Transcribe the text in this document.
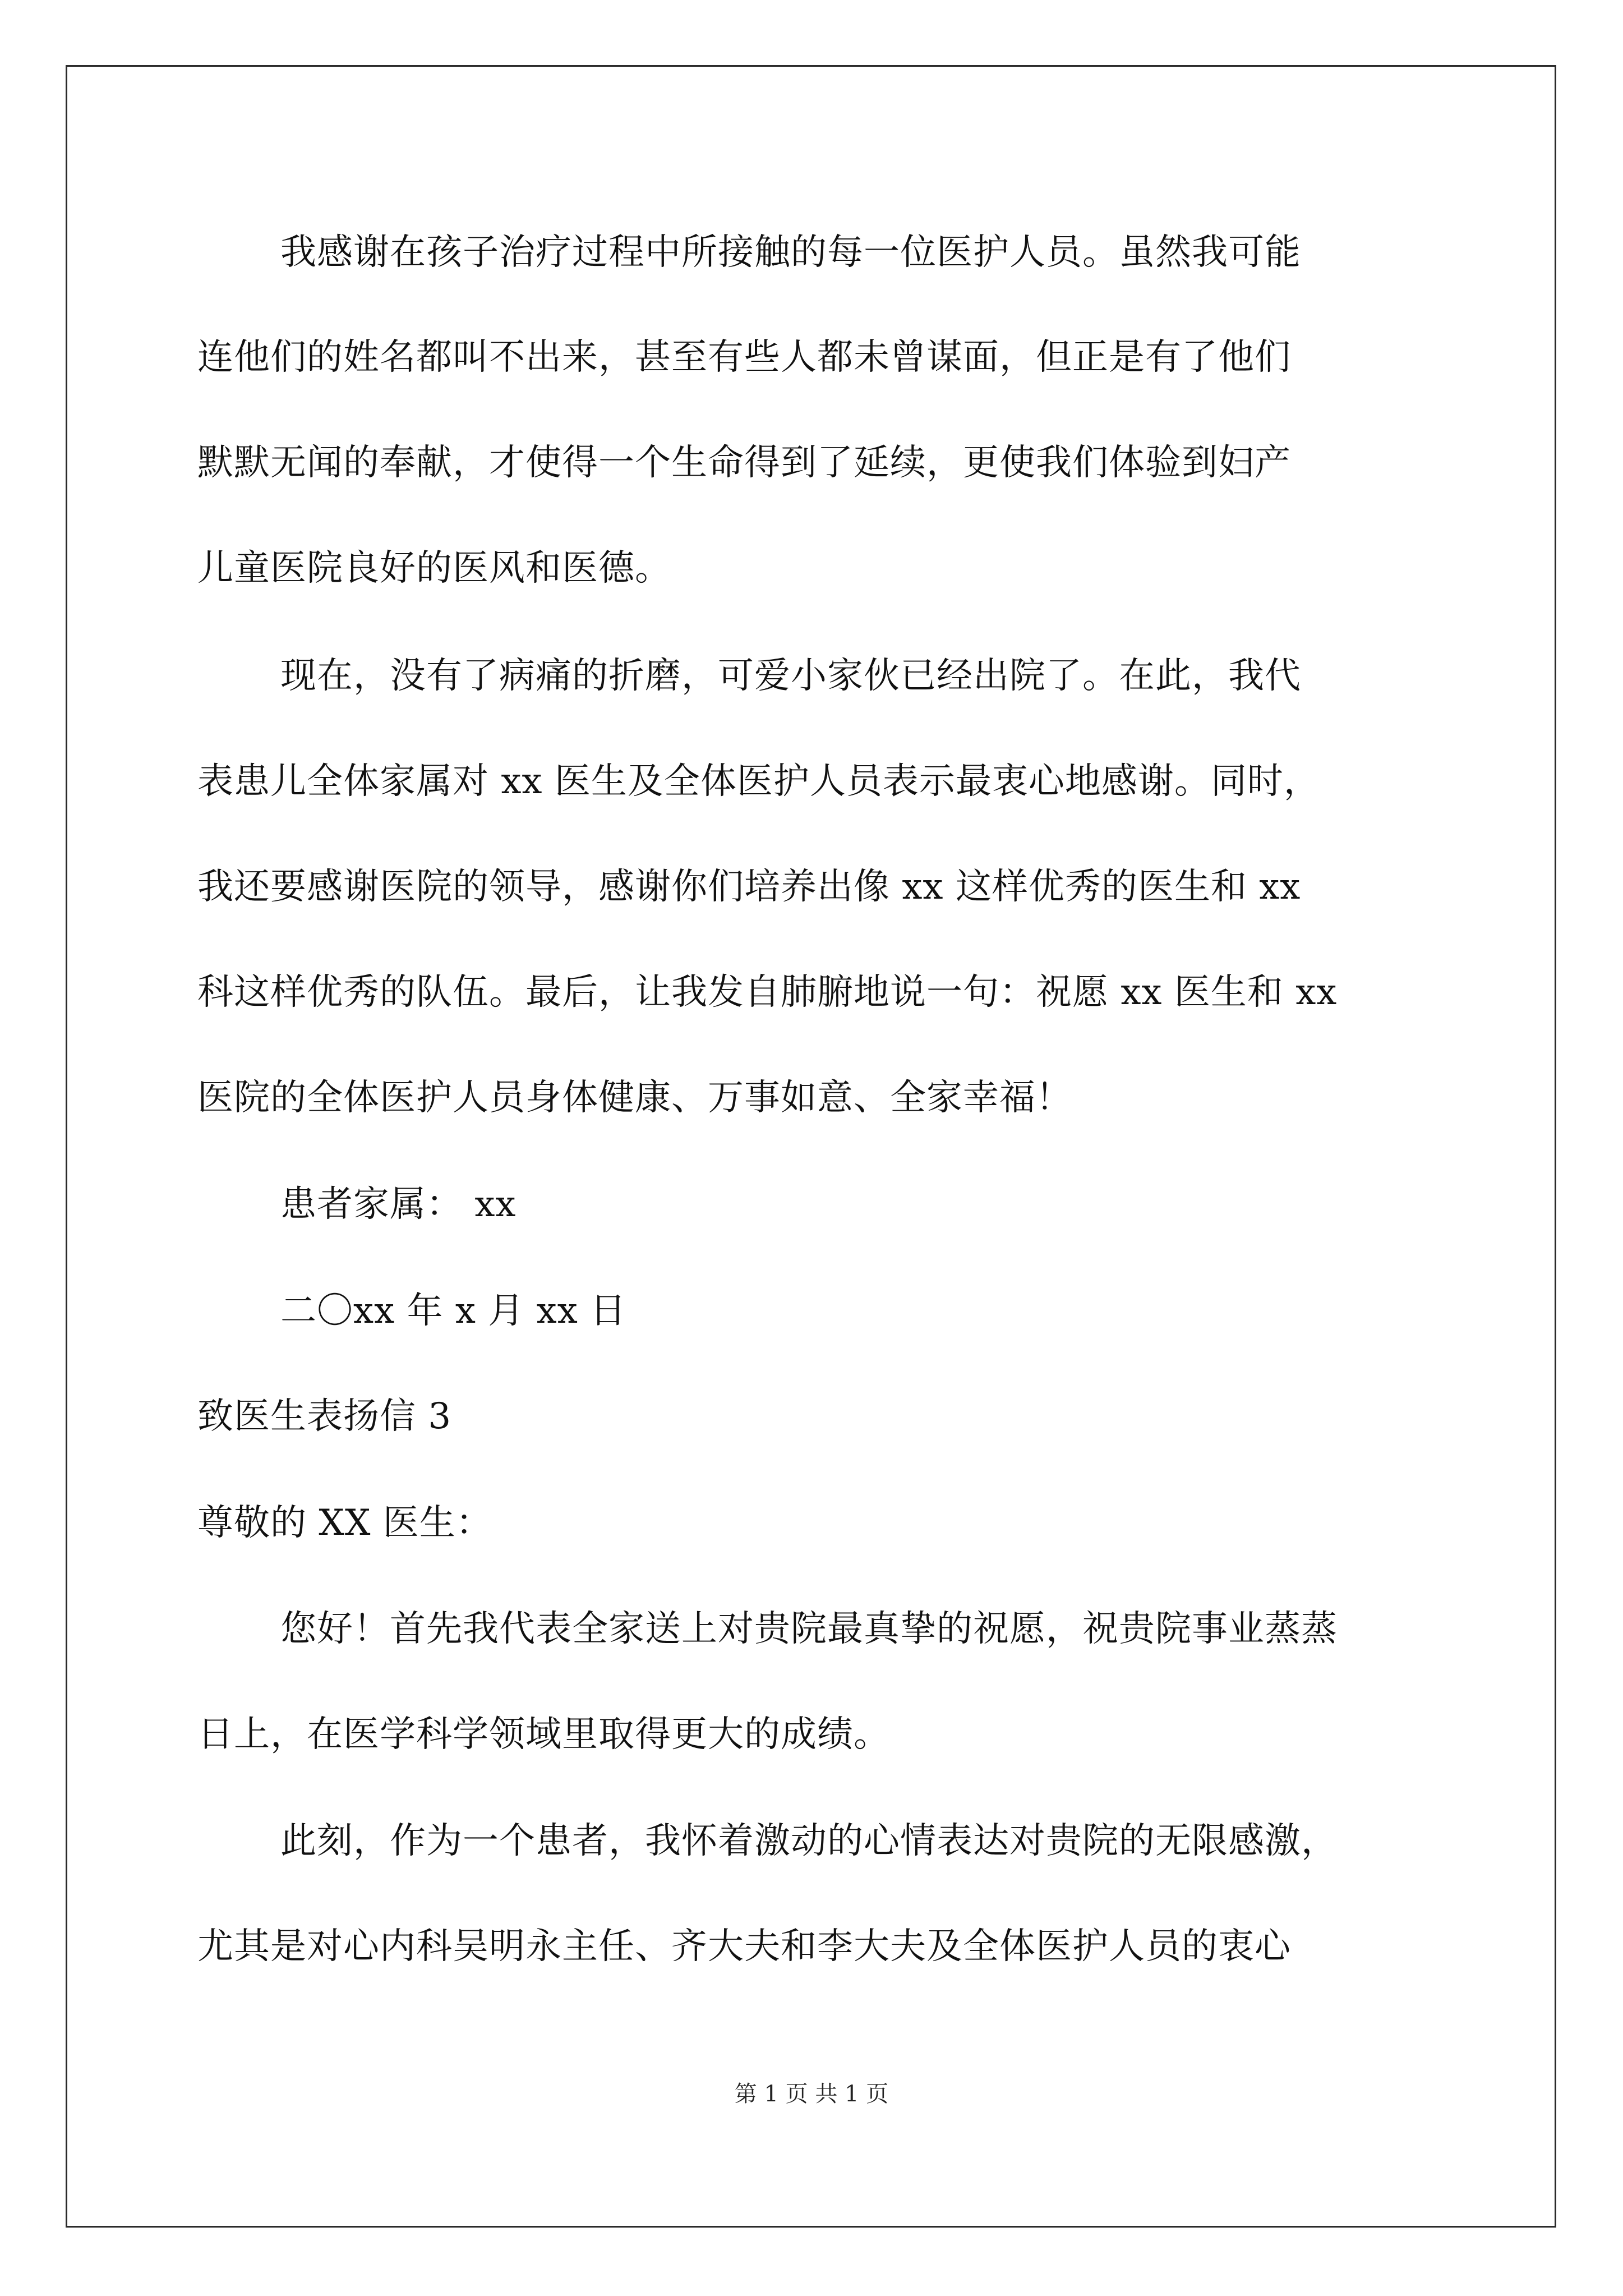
我感谢在孩子治疗过程中所接触的每一位医护人员。虽然我可能
连他们的姓名都叫不出来，甚至有些人都未曾谋面，但正是有了他们
默默无闻的奉献，才使得一个生命得到了延续，更使我们体验到妇产
儿童医院良好的医风和医德。
现在，没有了病痛的折磨，可爱小家伙已经出院了。在此，我代
表患儿全体家属对 xx 医生及全体医护人员表示最衷心地感谢。同时，
我还要感谢医院的领导，感谢你们培养出像 xx 这样优秀的医生和 xx
科这样优秀的队伍。最后，让我发自肺腑地说一句：祝愿 xx 医生和 xx
医院的全体医护人员身体健康、万事如意、全家幸福！
患者家属： xx
二〇xx 年 x 月 xx 日
致医生表扬信 3
尊敬的 XX 医生：
您好！首先我代表全家送上对贵院最真挚的祝愿，祝贵院事业蒸蒸
日上，在医学科学领域里取得更大的成绩。
此刻，作为一个患者，我怀着激动的心情表达对贵院的无限感激，
尤其是对心内科吴明永主任、齐大夫和李大夫及全体医护人员的衷心
第 1 页 共 1 页
